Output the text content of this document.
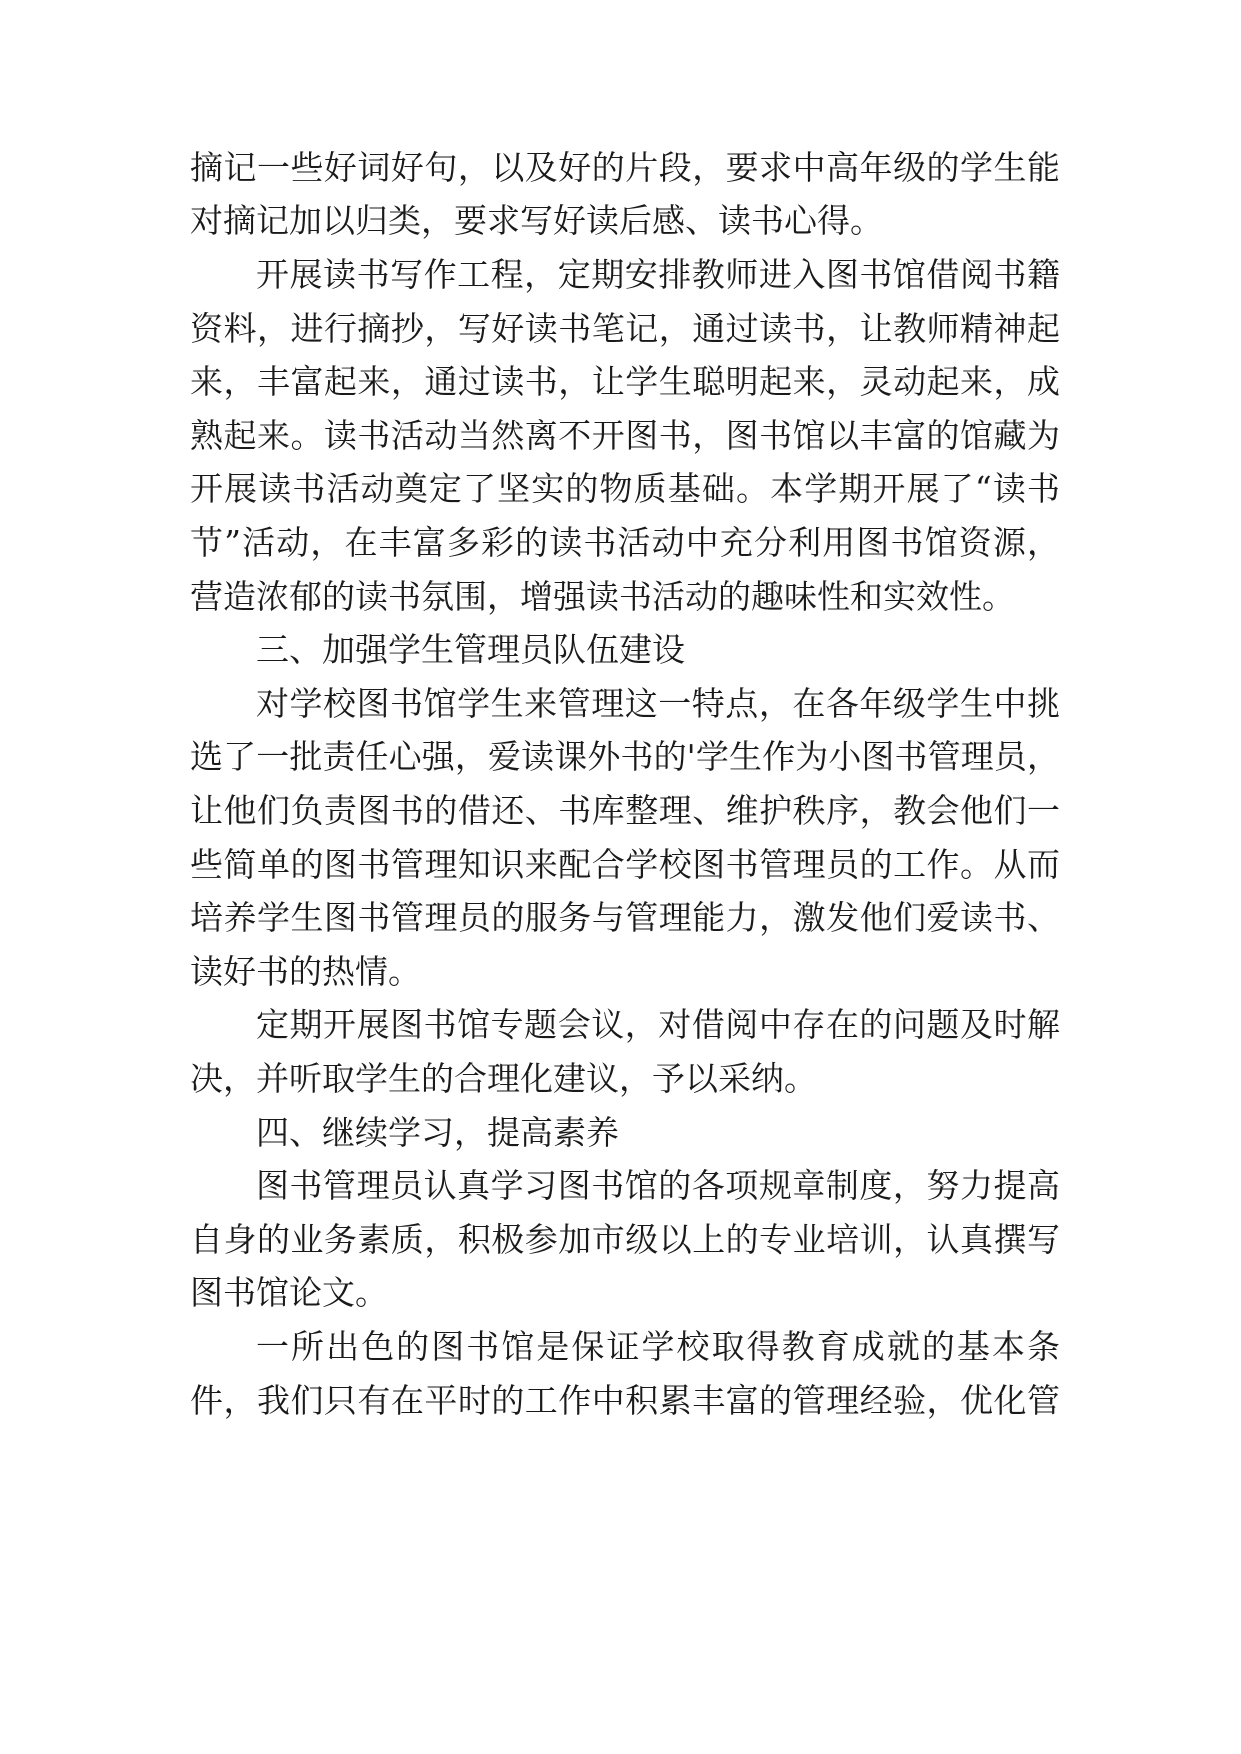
摘记一些好词好句，以及好的片段，要求中高年级的学生能
对摘记加以归类，要求写好读后感、读书心得。
开展读书写作工程，定期安排教师进入图书馆借阅书籍
资料，进行摘抄，写好读书笔记，通过读书，让教师精神起
来，丰富起来，通过读书，让学生聪明起来，灵动起来，成
熟起来。读书活动当然离不开图书，图书馆以丰富的馆藏为
开展读书活动奠定了坚实的物质基础。本学期开展了“读书
节”活动，在丰富多彩的读书活动中充分利用图书馆资源，
营造浓郁的读书氛围，增强读书活动的趣味性和实效性。
三、加强学生管理员队伍建设
对学校图书馆学生来管理这一特点，在各年级学生中挑
选了一批责任心强，爱读课外书的'学生作为小图书管理员，
让他们负责图书的借还、书库整理、维护秩序，教会他们一
些简单的图书管理知识来配合学校图书管理员的工作。从而
培养学生图书管理员的服务与管理能力，激发他们爱读书、
读好书的热情。
定期开展图书馆专题会议，对借阅中存在的问题及时解
决，并听取学生的合理化建议，予以采纳。
四、继续学习，提高素养
图书管理员认真学习图书馆的各项规章制度，努力提高
自身的业务素质，积极参加市级以上的专业培训，认真撰写
图书馆论文。
一所出色的图书馆是保证学校取得教育成就的基本条
件，我们只有在平时的工作中积累丰富的管理经验，优化管
